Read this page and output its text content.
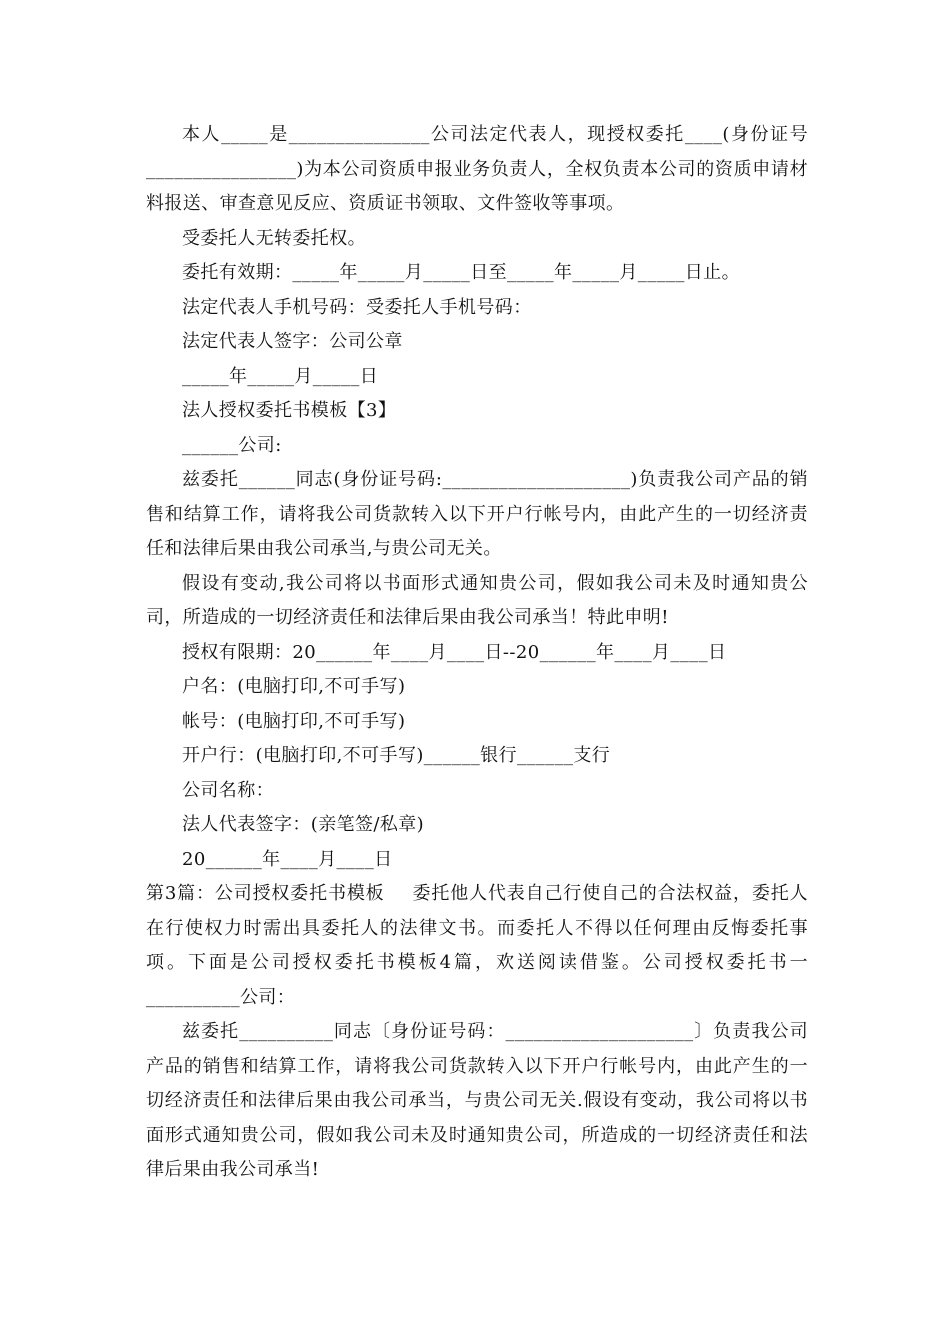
本人_____是_______________公司法定代表人，现授权委托____(身份证号________________)为本公司资质申报业务负责人，全权负责本公司的资质申请材料报送、审查意见反应、资质证书领取、文件签收等事项。

受委托人无转委托权。

委托有效期：_____年_____月_____日至_____年_____月_____日止。

法定代表人手机号码：受委托人手机号码：

法定代表人签字：公司公章

_____年_____月_____日

法人授权委托书模板【3】

______公司:

兹委托______同志(身份证号码:____________________)负责我公司产品的销售和结算工作，请将我公司货款转入以下开户行帐号内，由此产生的一切经济责任和法律后果由我公司承当,与贵公司无关。

假设有变动,我公司将以书面形式通知贵公司，假如我公司未及时通知贵公司，所造成的一切经济责任和法律后果由我公司承当！特此申明!

授权有限期：20______年____月____日--20______年____月____日

户名：(电脑打印,不可手写)

帐号：(电脑打印,不可手写)

开户行：(电脑打印,不可手写)______银行______支行

公司名称：

法人代表签字：(亲笔签/私章)

20______年____月____日

第3篇：公司授权委托书模板 委托他人代表自己行使自己的合法权益，委托人在行使权力时需出具委托人的法律文书。而委托人不得以任何理由反悔委托事项。下面是公司授权委托书模板4篇，欢送阅读借鉴。公司授权委托书一__________公司：

兹委托__________同志〔身份证号码：____________________〕负责我公司产品的销售和结算工作，请将我公司货款转入以下开户行帐号内，由此产生的一切经济责任和法律后果由我公司承当，与贵公司无关.假设有变动，我公司将以书面形式通知贵公司，假如我公司未及时通知贵公司，所造成的一切经济责任和法律后果由我公司承当!
